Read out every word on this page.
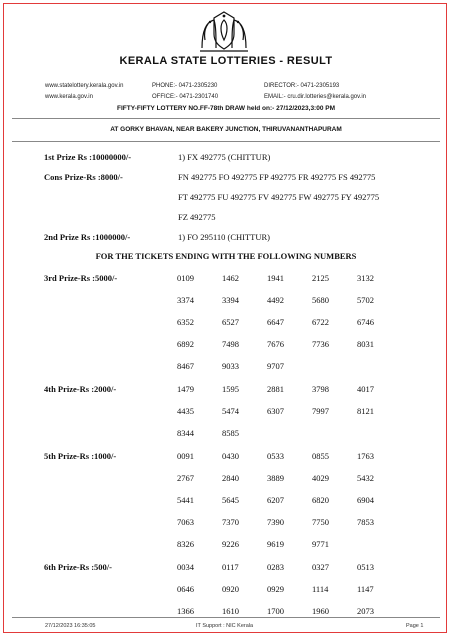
KERALA STATE LOTTERIES - RESULT
www.statelottery.kerala.gov.in
www.kerala.gov.in
PHONE:- 0471-2305230
OFFICE:- 0471-2301740
DIRECTOR:- 0471-2305193
EMAIL:- cru.dir.lotteries@kerala.gov.in
FIFTY-FIFTY LOTTERY NO.FF-78th DRAW held on:- 27/12/2023,3:00 PM
AT GORKY BHAVAN, NEAR BAKERY JUNCTION, THIRUVANANTHAPURAM
1st Prize Rs :10000000/-	1) FX 492775 (CHITTUR)
Cons Prize-Rs :8000/-	FN 492775 FO 492775 FP 492775 FR 492775 FS 492775
FT 492775 FU 492775 FV 492775 FW 492775 FY 492775
FZ 492775
2nd Prize Rs :1000000/-	1) FO 295110 (CHITTUR)
FOR THE TICKETS ENDING WITH THE FOLLOWING NUMBERS
3rd Prize-Rs :5000/-	0109	1462	1941	2125	3132
3374	3394	4492	5680	5702
6352	6527	6647	6722	6746
6892	7498	7676	7736	8031
8467	9033	9707
4th Prize-Rs :2000/-	1479	1595	2881	3798	4017
4435	5474	6307	7997	8121
8344	8585
5th Prize-Rs :1000/-	0091	0430	0533	0855	1763
2767	2840	3889	4029	5432
5441	5645	6207	6820	6904
7063	7370	7390	7750	7853
8326	9226	9619	9771
6th Prize-Rs :500/-	0034	0117	0283	0327	0513
0646	0920	0929	1114	1147
1366	1610	1700	1960	2073
27/12/2023 16:35:05	IT Support : NIC Kerala	Page 1
